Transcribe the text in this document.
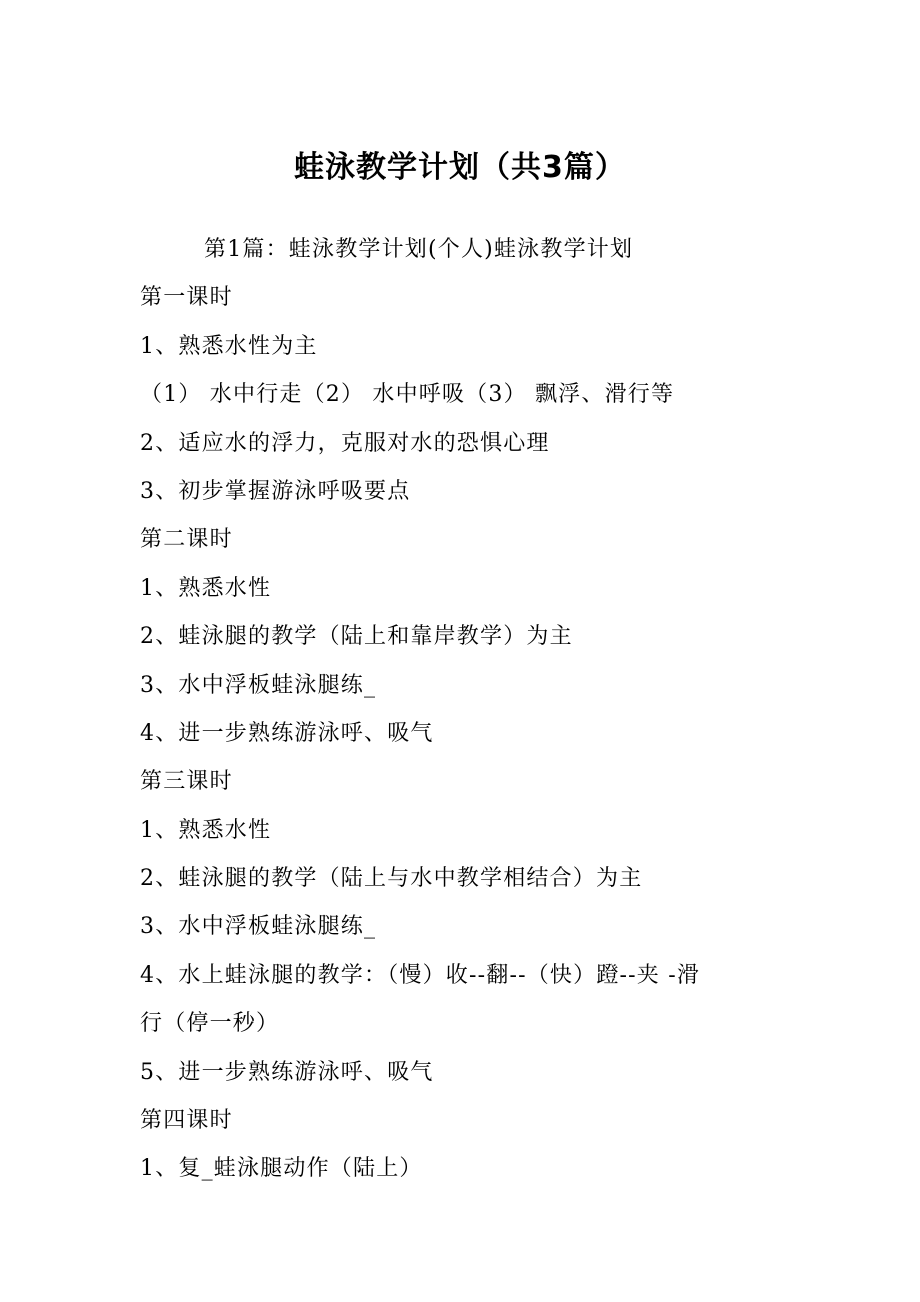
蛙泳教学计划（共3篇）
第1篇：蛙泳教学计划(个人)蛙泳教学计划
第一课时
1、熟悉水性为主
（1） 水中行走（2） 水中呼吸（3） 飘浮、滑行等
2、适应水的浮力，克服对水的恐惧心理
3、初步掌握游泳呼吸要点
第二课时
1、熟悉水性
2、蛙泳腿的教学（陆上和靠岸教学）为主
3、水中浮板蛙泳腿练_
4、进一步熟练游泳呼、吸气
第三课时
1、熟悉水性
2、蛙泳腿的教学（陆上与水中教学相结合）为主
3、水中浮板蛙泳腿练_
4、水上蛙泳腿的教学：（慢）收--翻--（快）蹬--夹 -滑
行（停一秒）
5、进一步熟练游泳呼、吸气
第四课时
1、复_蛙泳腿动作（陆上）
